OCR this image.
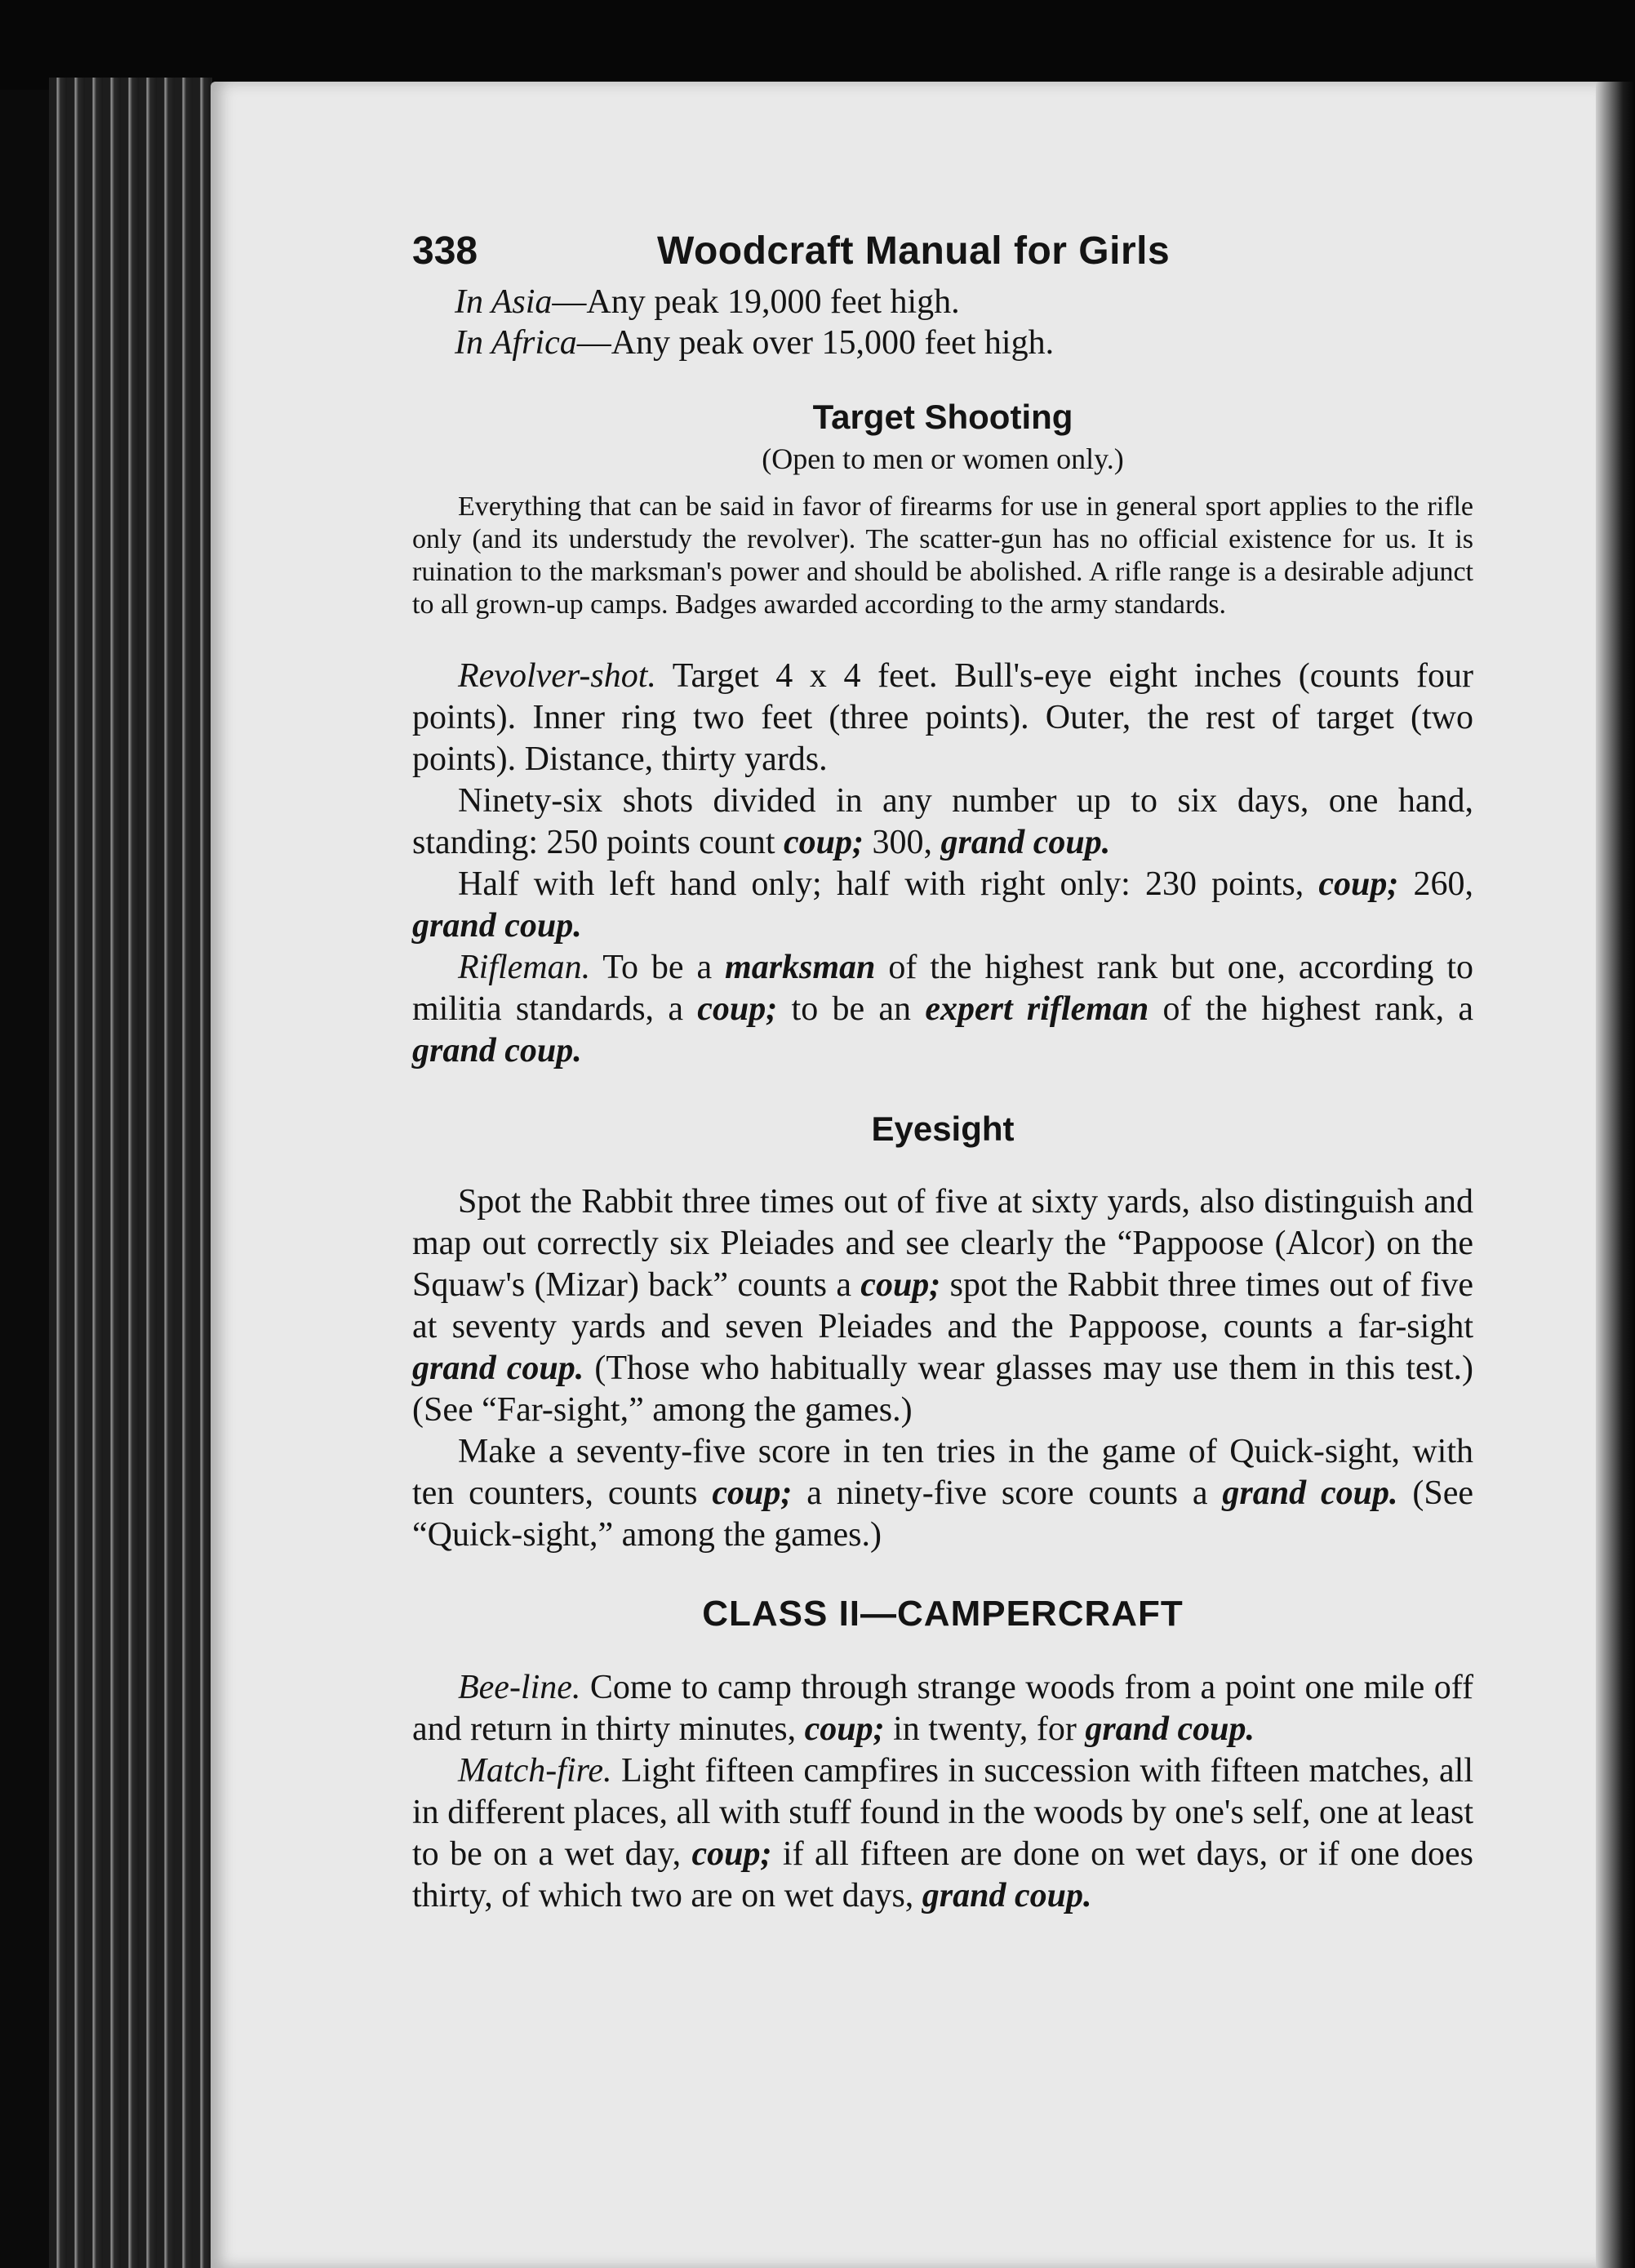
338	Woodcraft Manual for Girls

In Asia—Any peak 19,000 feet high.

In Africa—Any peak over 15,000 feet high.

Target Shooting
(Open to men or women only.)

Everything that can be said in favor of firearms for use in general sport applies to the rifle only (and its understudy the revolver). The scatter-gun has no official existence for us. It is ruination to the marksman's power and should be abolished. A rifle range is a desirable adjunct to all grown-up camps. Badges awarded according to the army standards.

Revolver-shot. Target 4 x 4 feet. Bull's-eye eight inches (counts four points). Inner ring two feet (three points). Outer, the rest of target (two points). Distance, thirty yards.

Ninety-six shots divided in any number up to six days, one hand, standing: 250 points count coup; 300, grand coup.

Half with left hand only; half with right only: 230 points, coup; 260, grand coup.

Rifleman. To be a marksman of the highest rank but one, according to militia standards, a coup; to be an expert rifleman of the highest rank, a grand coup.

Eyesight

Spot the Rabbit three times out of five at sixty yards, also distinguish and map out correctly six Pleiades and see clearly the “Pappoose (Alcor) on the Squaw's (Mizar) back” counts a coup; spot the Rabbit three times out of five at seventy yards and seven Pleiades and the Pappoose, counts a far-sight grand coup. (Those who habitually wear glasses may use them in this test.) (See “Far-sight,” among the games.)

Make a seventy-five score in ten tries in the game of Quick-sight, with ten counters, counts coup; a ninety-five score counts a grand coup. (See “Quick-sight,” among the games.)

CLASS II—CAMPERCRAFT

Bee-line. Come to camp through strange woods from a point one mile off and return in thirty minutes, coup; in twenty, for grand coup.

Match-fire. Light fifteen campfires in succession with fifteen matches, all in different places, all with stuff found in the woods by one's self, one at least to be on a wet day, coup; if all fifteen are done on wet days, or if one does thirty, of which two are on wet days, grand coup.
